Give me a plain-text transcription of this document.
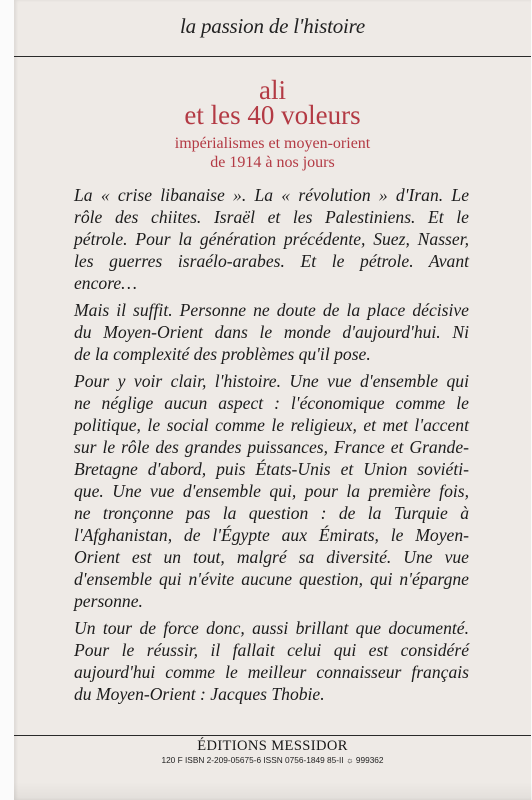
la passion de l'histoire
ali
et les 40 voleurs
impérialismes et moyen-orient
de 1914 à nos jours
La « crise libanaise ». La « révolution » d'Iran. Le
rôle des chiites. Israël et les Palestiniens. Et le
pétrole. Pour la génération précédente, Suez, Nasser,
les guerres israélo-arabes. Et le pétrole. Avant
encore…
Mais il suffit. Personne ne doute de la place décisive
du Moyen-Orient dans le monde d'aujourd'hui. Ni
de la complexité des problèmes qu'il pose.
Pour y voir clair, l'histoire. Une vue d'ensemble qui
ne néglige aucun aspect : l'économique comme le
politique, le social comme le religieux, et met l'accent
sur le rôle des grandes puissances, France et Grande-
Bretagne d'abord, puis États-Unis et Union soviéti-
que. Une vue d'ensemble qui, pour la première fois,
ne tronçonne pas la question : de la Turquie à
l'Afghanistan, de l'Égypte aux Émirats, le Moyen-
Orient est un tout, malgré sa diversité. Une vue
d'ensemble qui n'évite aucune question, qui n'épargne
personne.
Un tour de force donc, aussi brillant que documenté.
Pour le réussir, il fallait celui qui est considéré
aujourd'hui comme le meilleur connaisseur français
du Moyen-Orient : Jacques Thobie.
ÉDITIONS MESSIDOR
120 F ISBN 2-209-05675-6 ISSN 0756-1849 85-II ☼ 999362
